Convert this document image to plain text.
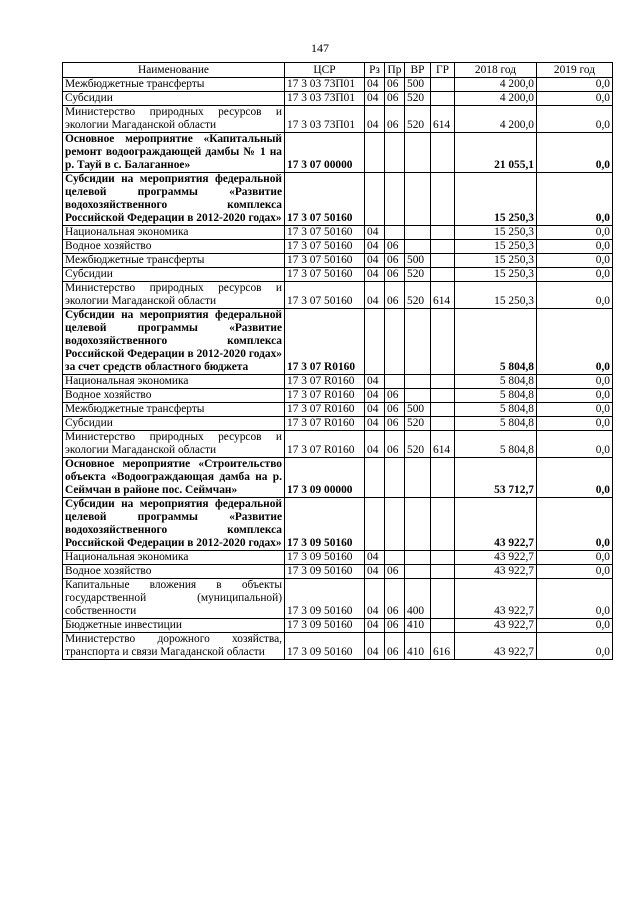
147
Наименование	ЦСР	Рз	Пр	ВР	ГР	2018 год	2019 год
Межбюджетные трансферты	17 3 03 73П01	04	06	500		4 200,0	0,0
Субсидии	17 3 03 73П01	04	06	520		4 200,0	0,0
Министерство природных ресурсов и экологии Магаданской области	17 3 03 73П01	04	06	520	614	4 200,0	0,0
Основное мероприятие «Капитальный ремонт водоограждающей дамбы № 1 на р. Тауй в с. Балаганное»	17 3 07 00000					21 055,1	0,0
Субсидии на мероприятия федеральной целевой программы «Развитие водохозяйственного комплекса Российской Федерации в 2012-2020 годах»	17 3 07 50160					15 250,3	0,0
Национальная экономика	17 3 07 50160	04				15 250,3	0,0
Водное хозяйство	17 3 07 50160	04	06			15 250,3	0,0
Межбюджетные трансферты	17 3 07 50160	04	06	500		15 250,3	0,0
Субсидии	17 3 07 50160	04	06	520		15 250,3	0,0
Министерство природных ресурсов и экологии Магаданской области	17 3 07 50160	04	06	520	614	15 250,3	0,0
Субсидии на мероприятия федеральной целевой программы «Развитие водохозяйственного комплекса Российской Федерации в 2012-2020 годах» за счет средств областного бюджета	17 3 07 R0160					5 804,8	0,0
Национальная экономика	17 3 07 R0160	04				5 804,8	0,0
Водное хозяйство	17 3 07 R0160	04	06			5 804,8	0,0
Межбюджетные трансферты	17 3 07 R0160	04	06	500		5 804,8	0,0
Субсидии	17 3 07 R0160	04	06	520		5 804,8	0,0
Министерство природных ресурсов и экологии Магаданской области	17 3 07 R0160	04	06	520	614	5 804,8	0,0
Основное мероприятие «Строительство объекта «Водоограждающая дамба на р. Сеймчан в районе пос. Сеймчан»	17 3 09 00000					53 712,7	0,0
Субсидии на мероприятия федеральной целевой программы «Развитие водохозяйственного комплекса Российской Федерации в 2012-2020 годах»	17 3 09 50160					43 922,7	0,0
Национальная экономика	17 3 09 50160	04				43 922,7	0,0
Водное хозяйство	17 3 09 50160	04	06			43 922,7	0,0
Капитальные вложения в объекты государственной (муниципальной) собственности	17 3 09 50160	04	06	400		43 922,7	0,0
Бюджетные инвестиции	17 3 09 50160	04	06	410		43 922,7	0,0
Министерство дорожного хозяйства, транспорта и связи Магаданской области	17 3 09 50160	04	06	410	616	43 922,7	0,0
